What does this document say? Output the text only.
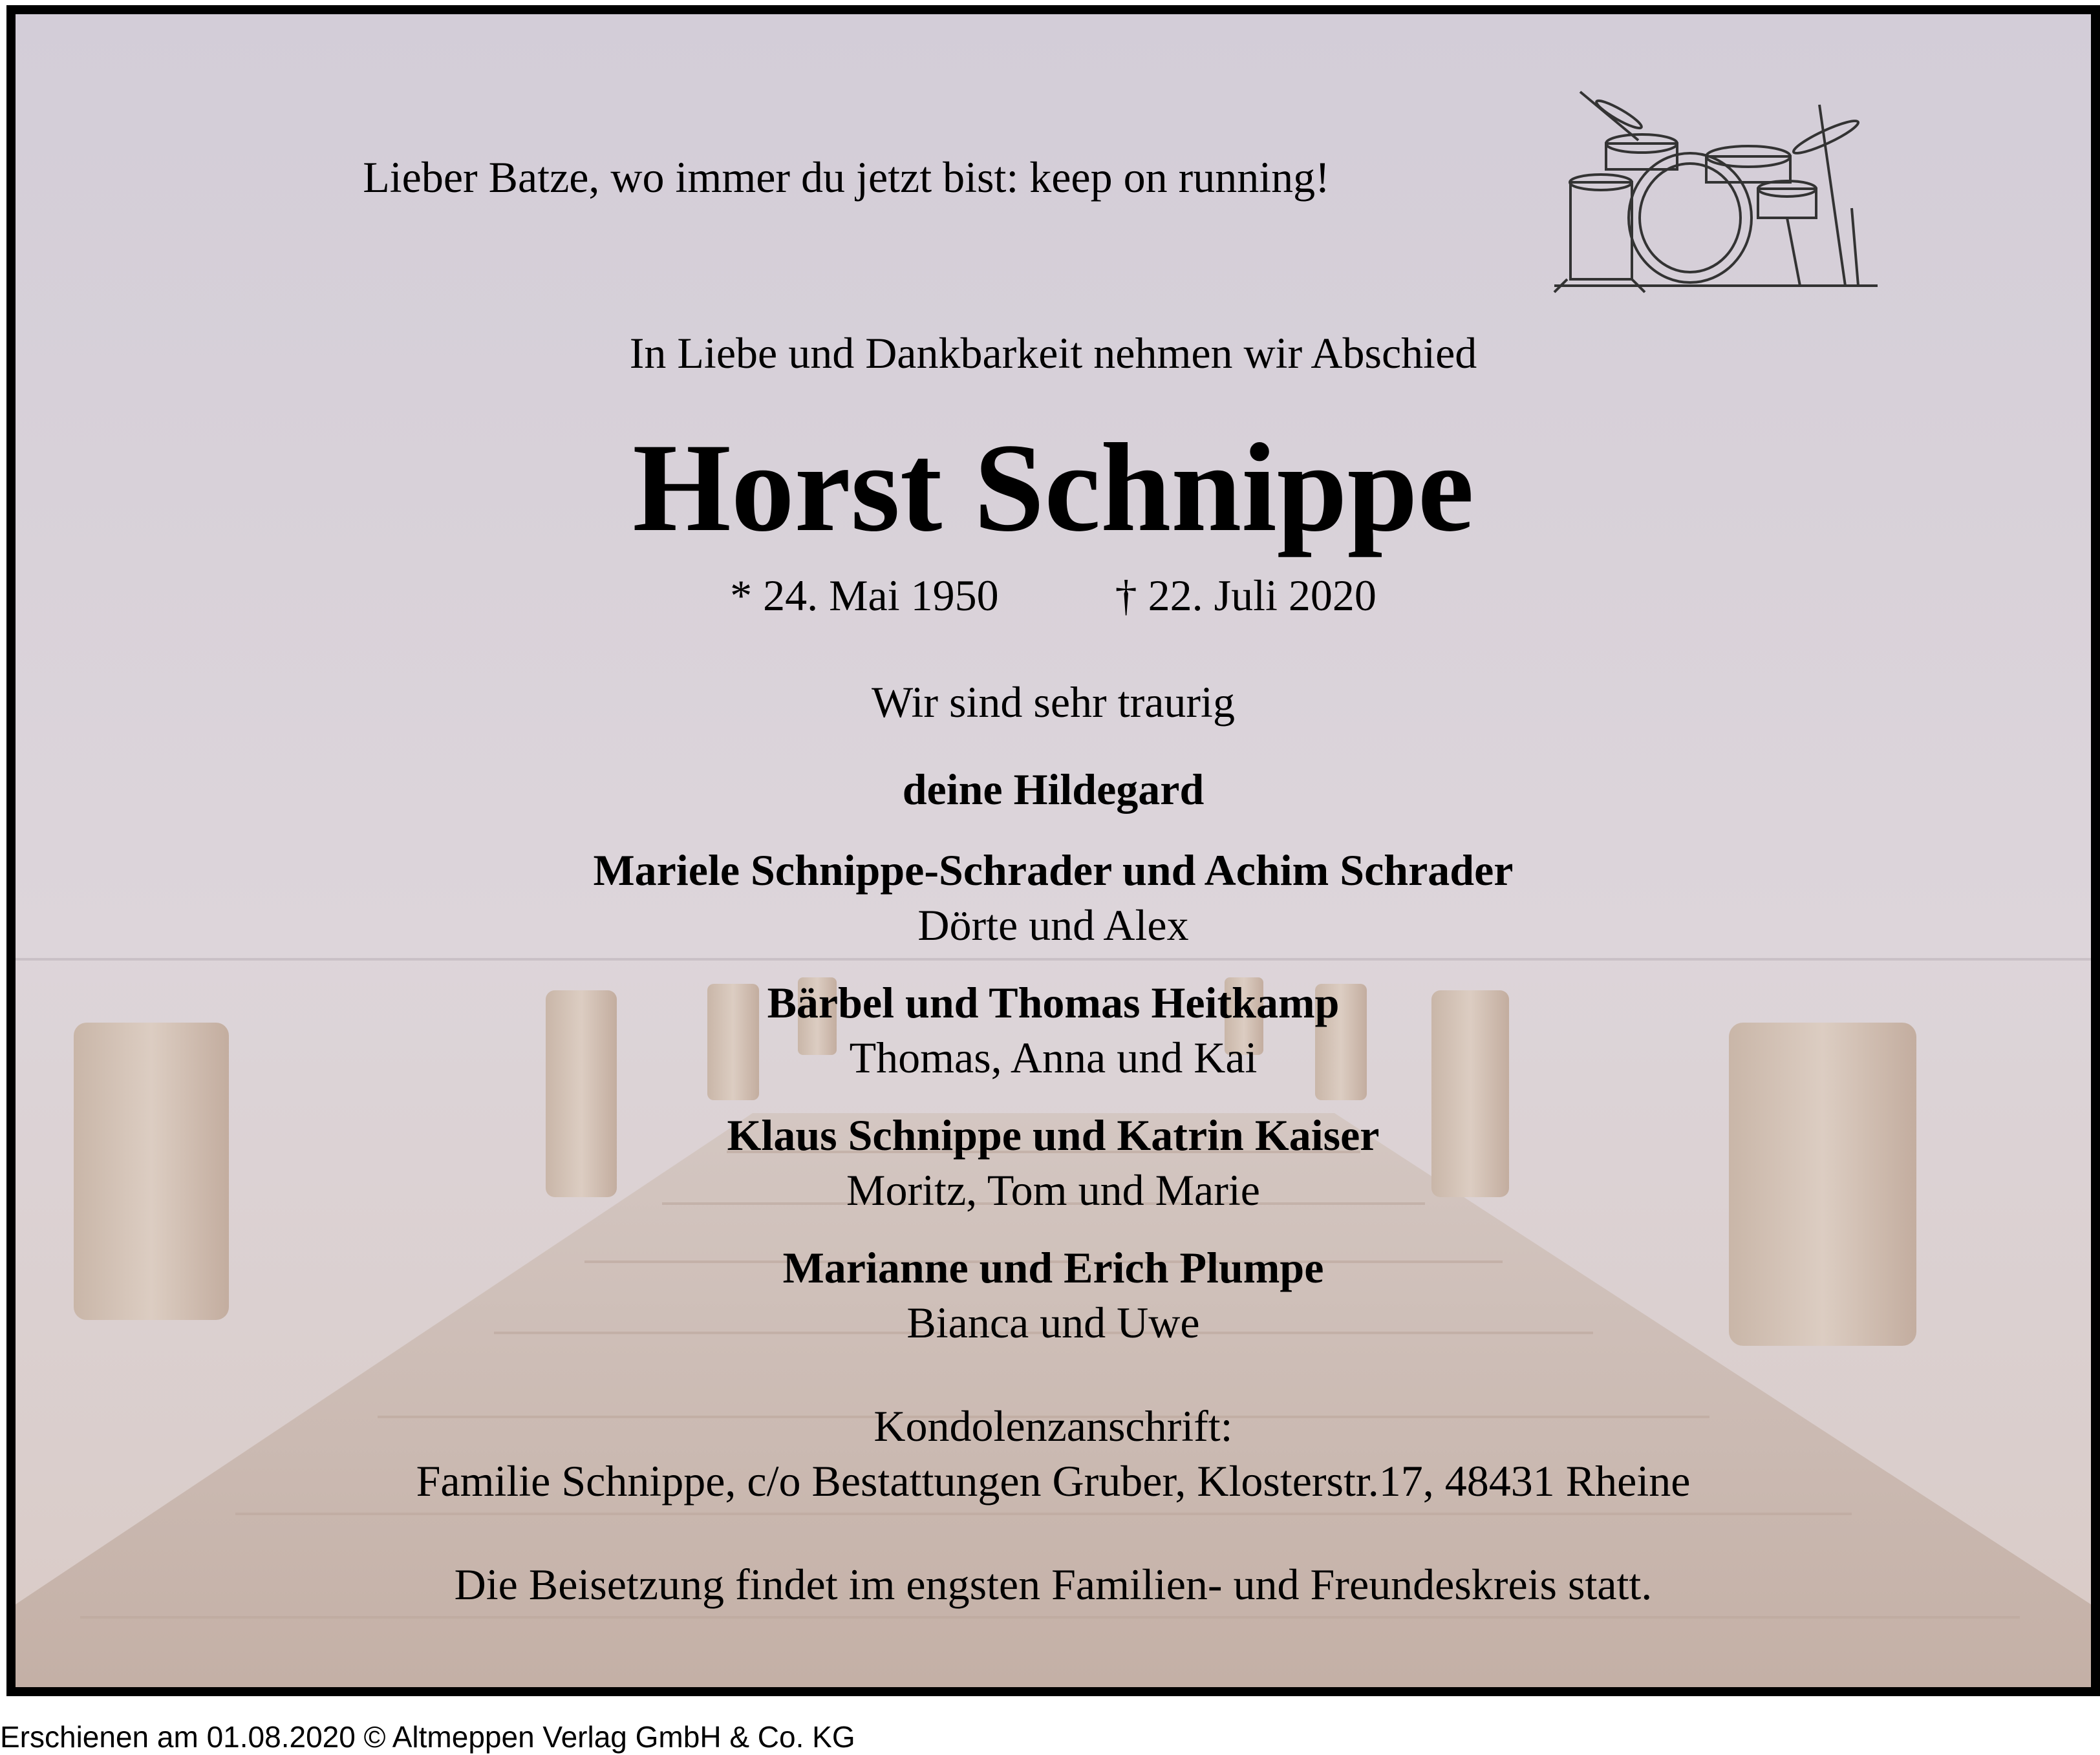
Lieber Batze, wo immer du jetzt bist: keep on running!
In Liebe und Dankbarkeit nehmen wir Abschied
Horst Schnippe
* 24. Mai 1950	† 22. Juli 2020
Wir sind sehr traurig
deine Hildegard
Mariele Schnippe-Schrader und Achim Schrader
Dörte und Alex
Bärbel und Thomas Heitkamp
Thomas, Anna und Kai
Klaus Schnippe und Katrin Kaiser
Moritz, Tom und Marie
Marianne und Erich Plumpe
Bianca und Uwe
Kondolenzanschrift:
Familie Schnippe, c/o Bestattungen Gruber, Klosterstr.17, 48431 Rheine
Die Beisetzung findet im engsten Familien- und Freundeskreis statt.
Erschienen am 01.08.2020 © Altmeppen Verlag GmbH & Co. KG
